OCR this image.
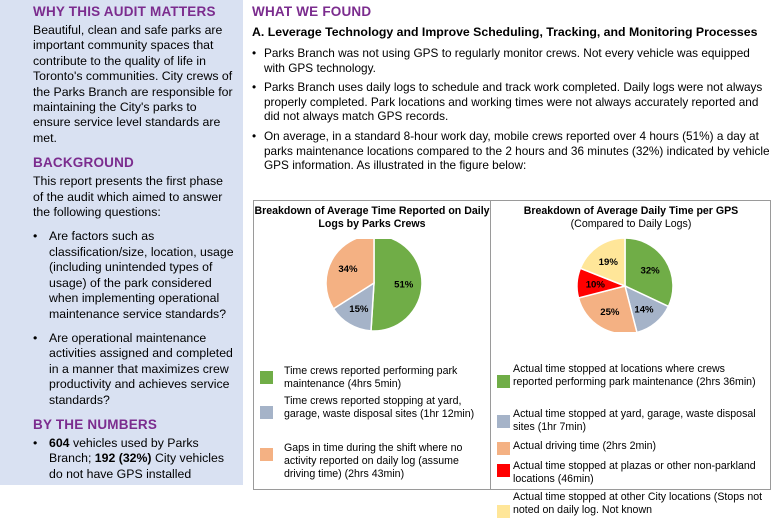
WHY THIS AUDIT MATTERS

Beautiful, clean and safe parks are important community spaces that contribute to the quality of life in Toronto's communities. City crews of the Parks Branch are responsible for maintaining the City's parks to ensure service level standards are met.

BACKGROUND

This report presents the first phase of the audit which aimed to answer the following questions:

• Are factors such as classification/size, location, usage (including unintended types of usage) of the park considered when implementing operational maintenance service standards?
• Are operational maintenance activities assigned and completed in a manner that maximizes crew productivity and achieves service standards?
BY THE NUMBERS
• 604 vehicles used by Parks Branch; 192 (32%) City vehicles do not have GPS installed
WHAT WE FOUND
A. Leverage Technology and Improve Scheduling, Tracking, and Monitoring Processes
• Parks Branch was not using GPS to regularly monitor crews. Not every vehicle was equipped with GPS technology.
• Parks Branch uses daily logs to schedule and track work completed. Daily logs were not always properly completed. Park locations and working times were not always accurately reported and did not always match GPS records.
• On average, in a standard 8-hour work day, mobile crews reported over 4 hours (51%) a day at parks maintenance locations compared to the 2 hours and 36 minutes (32%) indicated by vehicle GPS information. As illustrated in the figure below:
Breakdown of Average Time Reported on Daily Logs by Parks Crews
51%
15%
34%
Time crews reported performing park maintenance (4hrs 5min)
Time crews reported stopping at yard, garage, waste disposal sites (1hr 12min)
Gaps in time during the shift where no activity reported on daily log (assume driving time) (2hrs 43min)
Breakdown of Average Daily Time per GPS
(Compared to Daily Logs)
32%
14%
25%
10%
19%
Actual time stopped at locations where crews reported performing park maintenance (2hrs 36min)
Actual time stopped at yard, garage, waste disposal sites (1hr 7min)
Actual driving time (2hrs 2min)
Actual time stopped at plazas or other non-parkland locations (46min)
Actual time stopped at other City locations (Stops not noted on daily log. Not known
